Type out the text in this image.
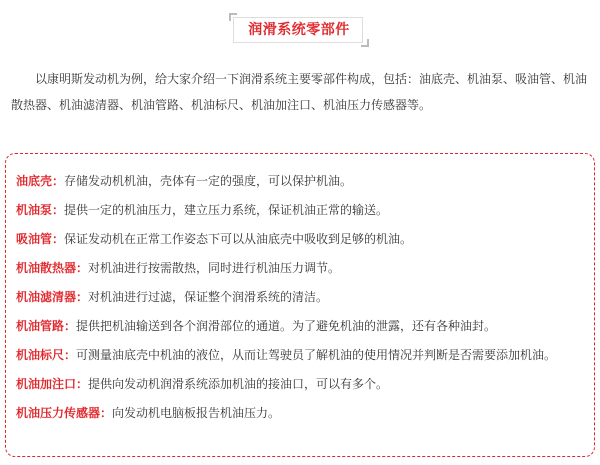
润滑系统零部件

以康明斯发动机为例，给大家介绍一下润滑系统主要零部件构成，包括：油底壳、机油泵、吸油管、机油散热器、机油滤清器、机油管路、机油标尺、机油加注口、机油压力传感器等。

油底壳：存储发动机机油，壳体有一定的强度，可以保护机油。

机油泵：提供一定的机油压力，建立压力系统，保证机油正常的输送。

吸油管：保证发动机在正常工作姿态下可以从油底壳中吸收到足够的机油。

机油散热器：对机油进行按需散热，同时进行机油压力调节。

机油滤清器：对机油进行过滤，保证整个润滑系统的清洁。

机油管路：提供把机油输送到各个润滑部位的通道。为了避免机油的泄露，还有各种油封。

机油标尺：可测量油底壳中机油的液位，从而让驾驶员了解机油的使用情况并判断是否需要添加机油。

机油加注口：提供向发动机润滑系统添加机油的接油口，可以有多个。

机油压力传感器：向发动机电脑板报告机油压力。
